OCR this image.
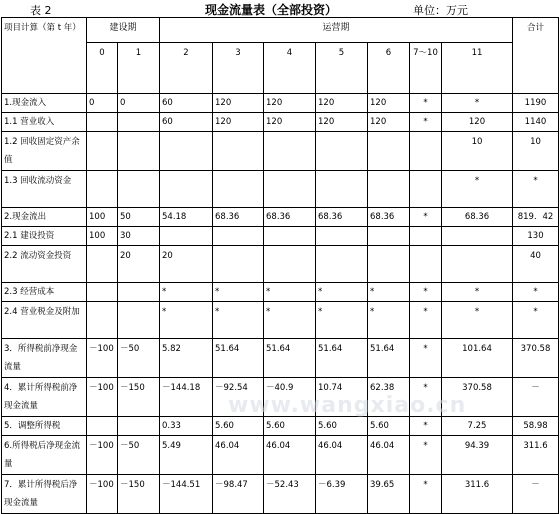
表 2	现金流量表（全部投资）	单位：万元
项目计算（第 t 年）	建设期		运营期							合计
	0	1	2	3	4	5	6	7～10	11	
1.现金流入	0	0	60	120	120	120	120	*	*	1190
1.1 营业收入			60	120	120	120	120	*	120	1140
1.2 回收固定资产余值									10	10
1.3 回收流动资金									*	*
2.现金流出	100	50	54.18	68.36	68.36	68.36	68.36	*	68.36	819．42
2.1 建设投资	100	30								130
2.2 流动资金投资		20	20							40
2.3 经营成本			*	*	*	*	*	*	*	*
2.4 营业税金及附加			*	*	*	*	*	*	*	*
3．所得税前净现金流量	－100	－50	5.82	51.64	51.64	51.64	51.64	*	101.64	370.58
4．累计所得税前净现金流量	－100	－150	－144.18	－92.54	－40.9	10.74	62.38	*	370.58	－
5．调整所得税			0.33	5.60	5.60	5.60	5.60	*	7.25	58.98
6.所得税后净现金流量	－100	－50	5.49	46.04	46.04	46.04	46.04	*	94.39	311.6
7．累计所得税后净现金流量	－100	－150	－144.51	－98.47	－52.43	－6.39	39.65	*	311.6	－
www.wangxiao.cn
